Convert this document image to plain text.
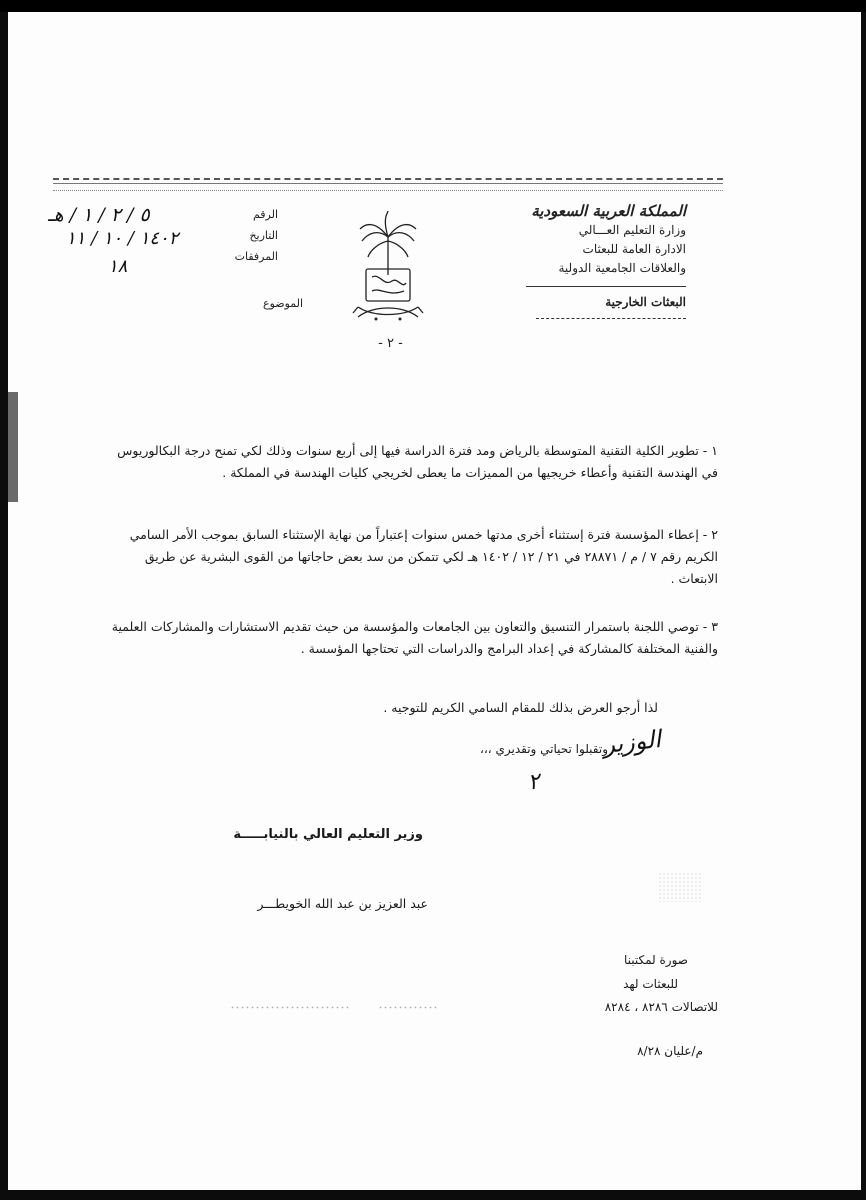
المملكة العربية السعودية
وزارة التعليم العـــالي
الادارة العامة للبعثات
والعلاقات الجامعية الدولية
البعثات الخارجية
الرقم
التاريخ
المرفقات
٥ / ٢ / ١ / هـ
١٤٠٢ / ١٠ / ١١
١٨
الموضوع
- ٢ -
١ - تطوير الكلية التقنية المتوسطة بالرياض ومد فترة الدراسة فيها إلى أربع سنوات وذلك لكي تمنح درجة البكالوريوس في الهندسة التقنية وأعطاء خريجيها من المميزات ما يعطى لخريجي كليات الهندسة في المملكة .
٢ - إعطاء المؤسسة فترة إستثناء أخرى مدتها خمس سنوات إعتباراً من نهاية الإستثناء السابق بموجب الأمر السامي الكريم رقم ٧ / م / ٢٨٨٧١ في ٢١ / ١٢ / ١٤٠٢ هـ لكي تتمكن من سد بعض حاجاتها من القوى البشرية عن طريق الابتعاث .
٣ - توصي اللجنة باستمرار التنسيق والتعاون بين الجامعات والمؤسسة من حيث تقديم الاستشارات والمشاركات العلمية والفنية المختلفة كالمشاركة في إعداد البرامج والدراسات التي تحتاجها المؤسسة .
لذا أرجو العرض بذلك للمقام السامي الكريم للتوجيه .
وتقبلوا تحياتي وتقديري ،،،
الوزير
٢
وزير التعليم العالي بالنيابـــــة
عبد العزيز بن عبد الله الخويطـــر
صورة لمكتبنا
للبعثات لهد
للاتصالات ٨٢٨٦ ، ٨٢٨٤
م/عليان ٨/٢٨
